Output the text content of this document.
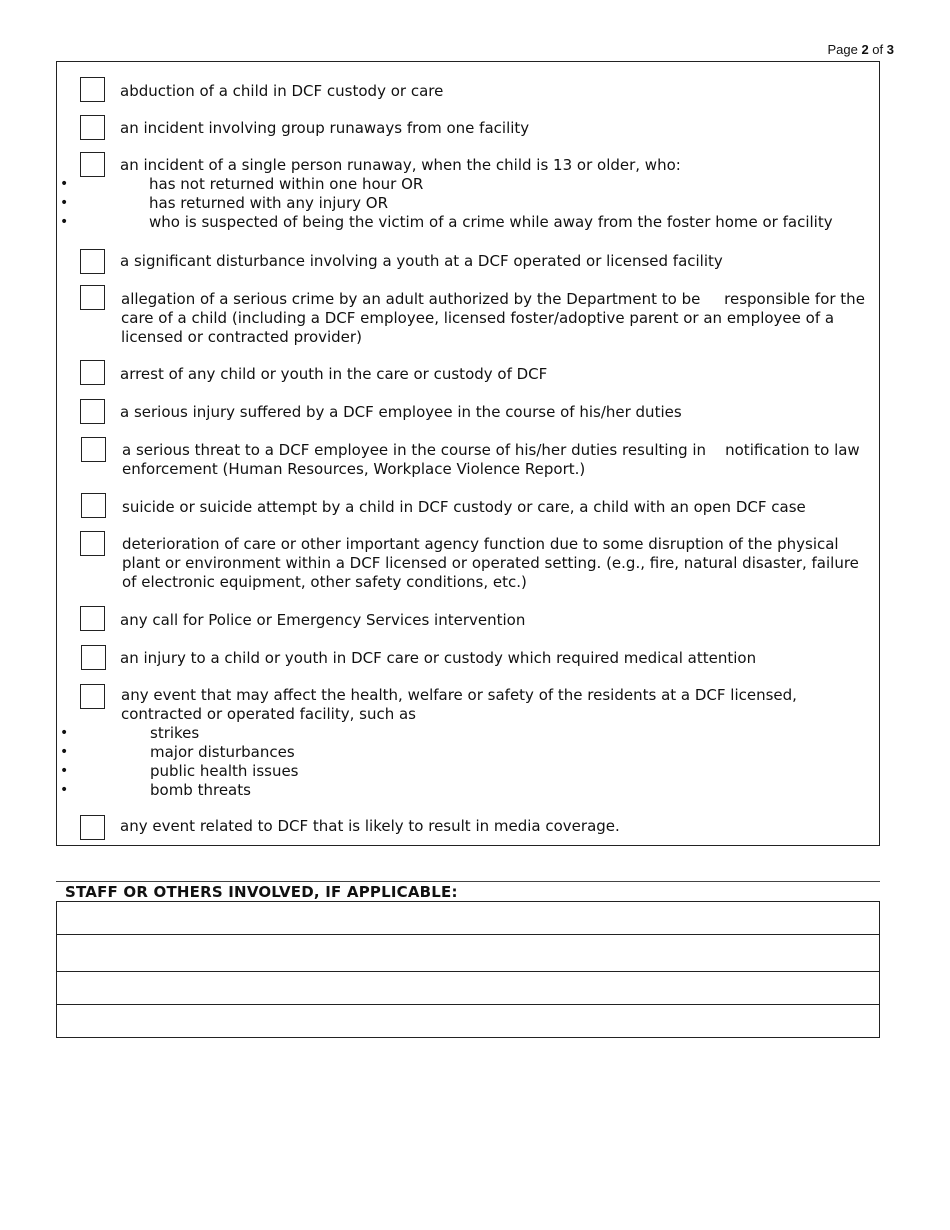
Page 2 of 3
abduction of a child in DCF custody or care
an incident involving group runaways from one facility
an incident of a single person runaway, when the child is 13 or older, who:
• has not returned within one hour OR
• has returned with any injury OR
• who is suspected of being the victim of a crime while away from the foster home or facility
a significant disturbance involving a youth at a DCF operated or licensed facility
allegation of a serious crime by an adult authorized by the Department to be     responsible for the care of a child (including a DCF employee, licensed foster/adoptive parent or an employee of a licensed or contracted provider)
arrest of any child or youth in the care or custody of DCF
a serious injury suffered by a DCF employee in the course of his/her duties
a serious threat to a DCF employee in the course of his/her duties resulting in    notification to law enforcement (Human Resources, Workplace Violence Report.)
suicide or suicide attempt by a child in DCF custody or care, a child with an open DCF case
deterioration of care or other important agency function due to some disruption of the physical plant or environment within a DCF licensed or operated setting. (e.g., fire, natural disaster, failure of electronic equipment, other safety conditions, etc.)
any call for Police or Emergency Services intervention
an injury to a child or youth in DCF care or custody which required medical attention
any event that may affect the health, welfare or safety of the residents at a DCF licensed, contracted or operated facility, such as
• strikes
• major disturbances
• public health issues
• bomb threats
any event related to DCF that is likely to result in media coverage.
STAFF OR OTHERS INVOLVED, IF APPLICABLE:
